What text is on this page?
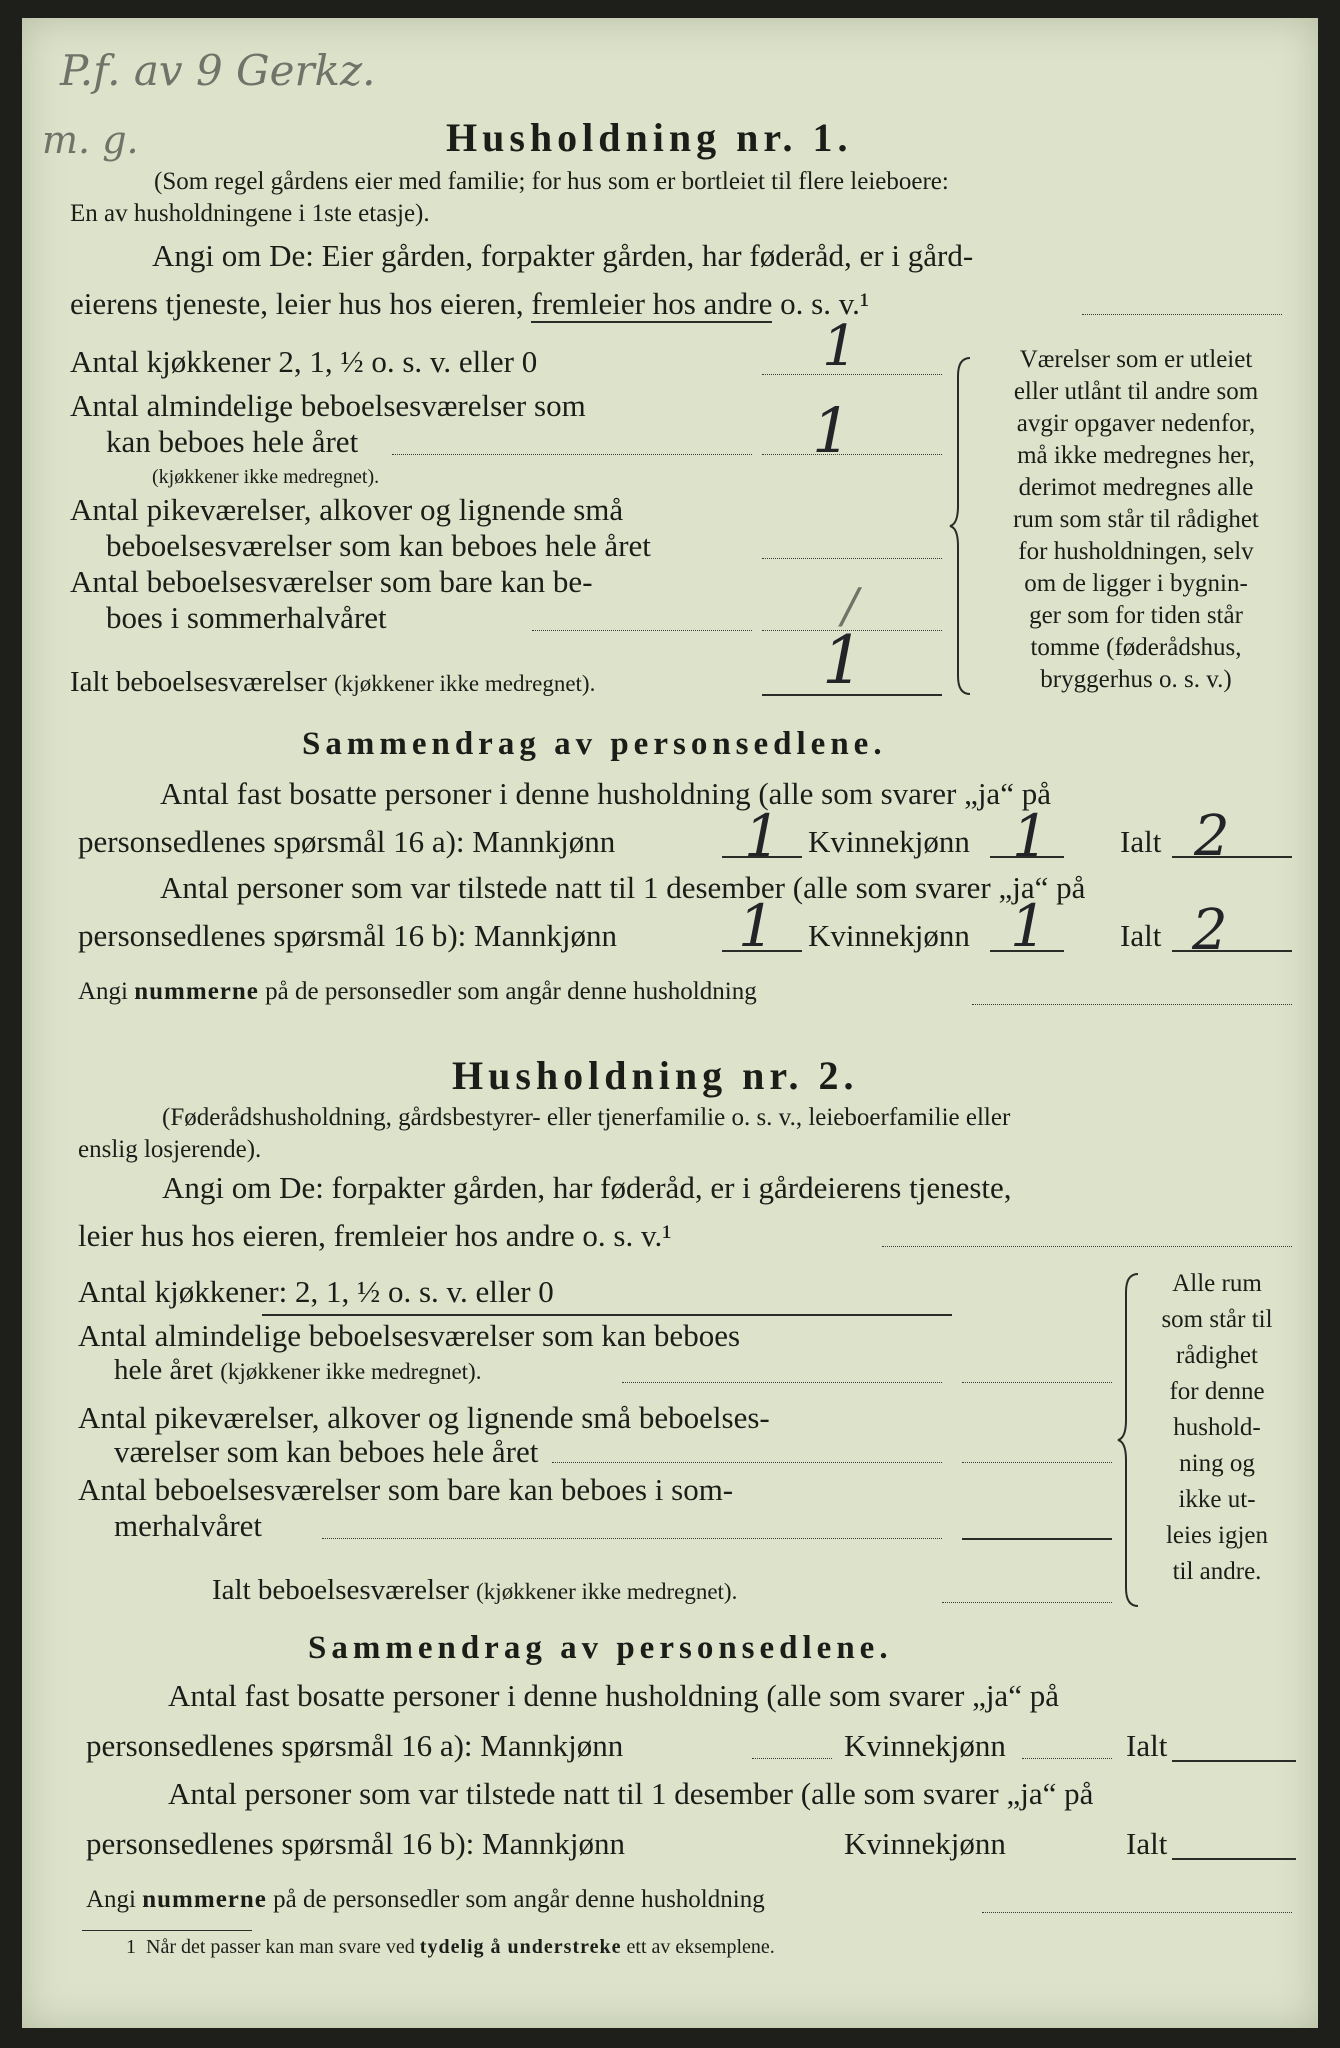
P.f. av 9 Gerkz.
m. g.	Husholdning nr. 1.
(Som regel gårdens eier med familie; for hus som er bortleiet til flere leieboere:
En av husholdningene i 1ste etasje).
Angi om De: Eier gården, forpakter gården, har føderåd, er i gård-
eierens tjeneste, leier hus hos eieren, fremleier hos andre o. s. v.¹
Antal kjøkkener 2, 1, ½ o. s. v. eller 0	1
Antal almindelige beboelsesværelser som
kan beboes hele året	1
(kjøkkener ikke medregnet).
Antal pikeværelser, alkover og lignende små
beboelsesværelser som kan beboes hele året
Antal beboelsesværelser som bare kan be-
boes i sommerhalvåret	/
Ialt beboelsesværelser (kjøkkener ikke medregnet).	1
Værelser som er utleiet
eller utlånt til andre som
avgir opgaver nedenfor,
må ikke medregnes her,
derimot medregnes alle
rum som står til rådighet
for husholdningen, selv
om de ligger i bygnin-
ger som for tiden står
tomme (føderådshus,
bryggerhus o. s. v.)
Sammendrag av personsedlene.
Antal fast bosatte personer i denne husholdning (alle som svarer „ja“ på
personsedlenes spørsmål 16 a): Mannkjønn 1 Kvinnekjønn 1 Ialt 2
Antal personer som var tilstede natt til 1 desember (alle som svarer „ja“ på
personsedlenes spørsmål 16 b): Mannkjønn 1 Kvinnekjønn 1 Ialt 2
Angi nummerne på de personsedler som angår denne husholdning
Husholdning nr. 2.
(Føderådshusholdning, gårdsbestyrer- eller tjenerfamilie o. s. v., leieboerfamilie eller
enslig losjerende).
Angi om De: forpakter gården, har føderåd, er i gårdeierens tjeneste,
leier hus hos eieren, fremleier hos andre o. s. v.¹
Antal kjøkkener: 2, 1, ½ o. s. v. eller 0
Antal almindelige beboelsesværelser som kan beboes
hele året (kjøkkener ikke medregnet).
Antal pikeværelser, alkover og lignende små beboelses-
værelser som kan beboes hele året
Antal beboelsesværelser som bare kan beboes i som-
merhalvåret
Ialt beboelsesværelser (kjøkkener ikke medregnet).
Alle rum
som står til
rådighet
for denne
hushold-
ning og
ikke ut-
leies igjen
til andre.
Sammendrag av personsedlene.
Antal fast bosatte personer i denne husholdning (alle som svarer „ja“ på
personsedlenes spørsmål 16 a): Mannkjønn	Kvinnekjønn	Ialt
Antal personer som var tilstede natt til 1 desember (alle som svarer „ja“ på
personsedlenes spørsmål 16 b): Mannkjønn	Kvinnekjønn	Ialt
Angi nummerne på de personsedler som angår denne husholdning
1 Når det passer kan man svare ved tydelig å understreke ett av eksemplene.
